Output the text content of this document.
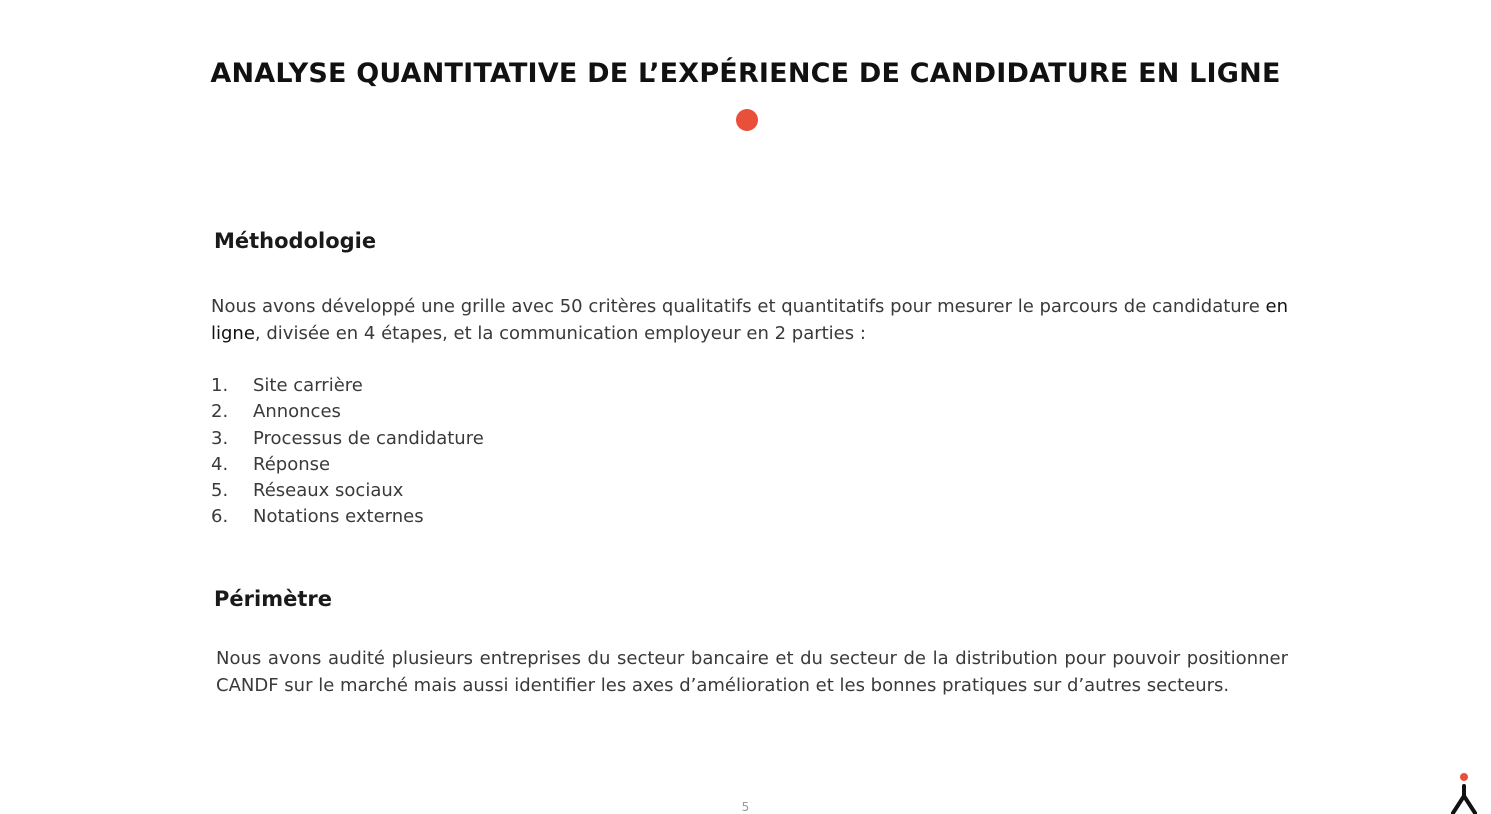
ANALYSE QUANTITATIVE DE L’EXPÉRIENCE DE CANDIDATURE EN LIGNE
Méthodologie

Nous avons développé une grille avec 50 critères qualitatifs et quantitatifs pour mesurer le parcours de candidature en ligne, divisée en 4 étapes, et la communication employeur en 2 parties :

1.	Site carrière
2.	Annonces
3.	Processus de candidature
4.	Réponse
5.	Réseaux sociaux
6.	Notations externes
Périmètre

Nous avons audité plusieurs entreprises du secteur bancaire et du secteur de la distribution pour pouvoir positionner CANDF sur le marché mais aussi identifier les axes d’amélioration et les bonnes pratiques sur d’autres secteurs.

5
